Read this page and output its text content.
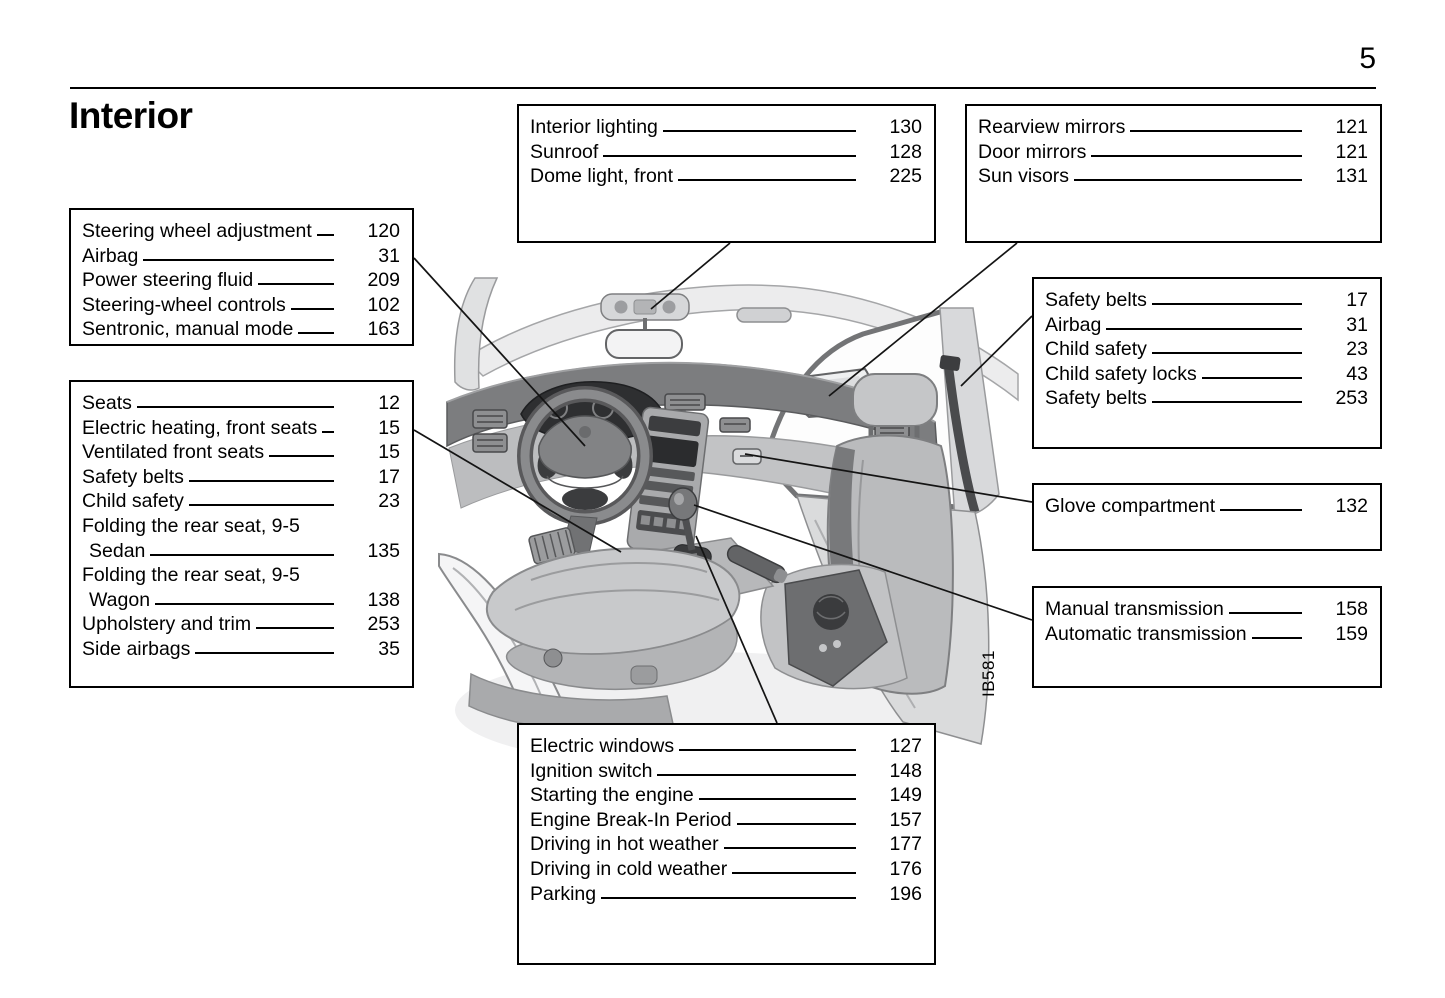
5
Interior
IB581
Interior lighting	130
Sunroof	128
Dome light, front	225
Rearview mirrors	121
Door mirrors	121
Sun visors	131
Steering wheel adjustment	120
Airbag	31
Power steering fluid	209
Steering-wheel controls	102
Sentronic, manual mode	163
Seats	12
Electric heating, front seats	15
Ventilated front seats	15
Safety belts	17
Child safety	23
Folding the rear seat, 9-5
Sedan	135
Folding the rear seat, 9-5
Wagon	138
Upholstery and trim	253
Side airbags	35
Safety belts	17
Airbag	31
Child safety	23
Child safety locks	43
Safety belts	253
Glove compartment	132
Manual transmission	158
Automatic transmission	159
Electric windows	127
Ignition switch	148
Starting the engine	149
Engine Break-In Period	157
Driving in hot weather	177
Driving in cold weather	176
Parking	196
